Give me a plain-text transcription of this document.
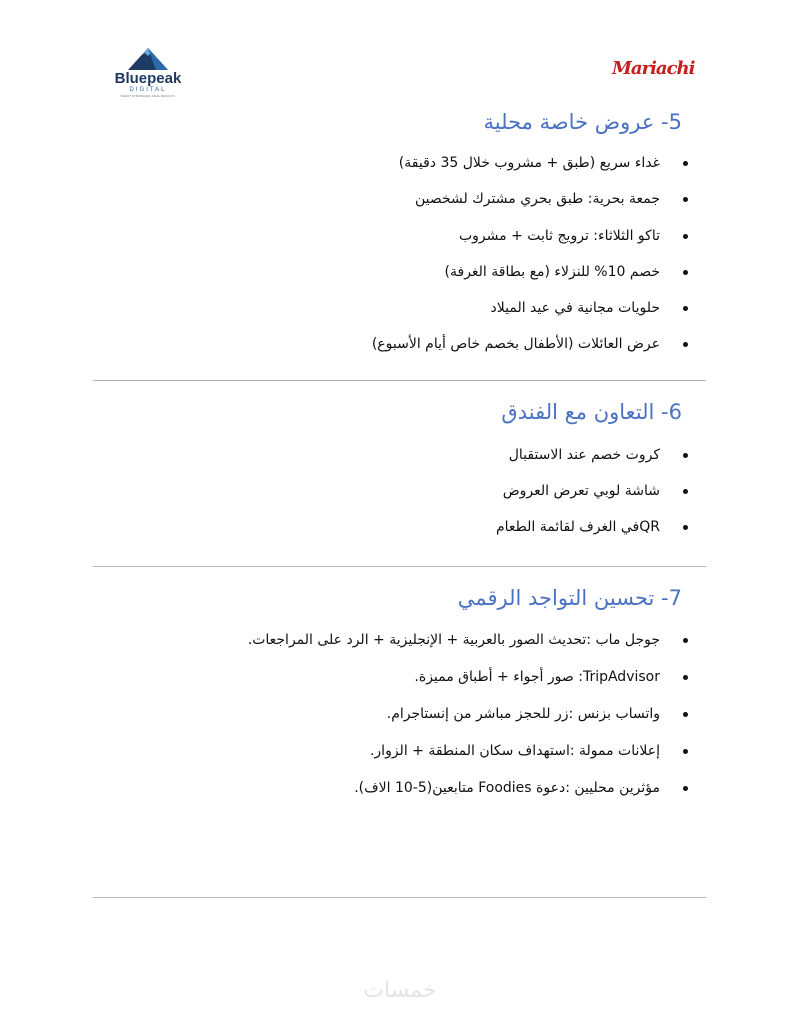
Bluepeak
DIGITAL
SMART STRATEGIES. REAL RESULTS.
Mariachi
5- عروض خاصة محلية
غداء سريع (طبق + مشروب خلال 35 دقيقة)
جمعة بحرية: طبق بحري مشترك لشخصين
تاكو الثلاثاء: ترويج ثابت + مشروب
خصم 10% للنزلاء (مع بطاقة الغرفة)
حلويات مجانية في عيد الميلاد
عرض العائلات (الأطفال بخصم خاص أيام الأسبوع)
6- التعاون مع الفندق
كروت خصم عند الاستقبال
شاشة لوبي تعرض العروض
QRفي الغرف لقائمة الطعام
7- تحسين التواجد الرقمي
جوجل ماب :تحديث الصور بالعربية + الإنجليزية + الرد على المراجعات.
TripAdvisor: صور أجواء + أطباق مميزة.
واتساب بزنس :زر للحجز مباشر من إنستاجرام.
إعلانات ممولة :استهداف سكان المنطقة + الزوار.
مؤثرين محليين :دعوة Foodies متابعين(5-10 الاف).
خمسات
